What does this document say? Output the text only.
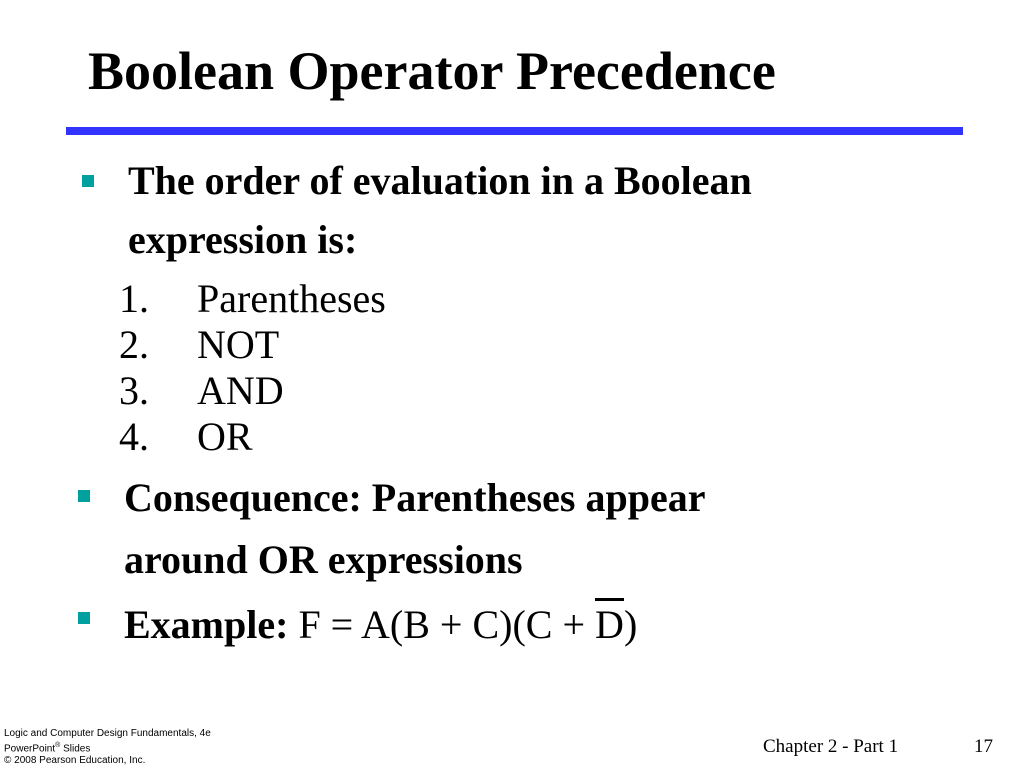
Boolean Operator Precedence
The order of evaluation in a Boolean
expression is:
1.	Parentheses
2.	NOT
3.	AND
4.	OR
Consequence: Parentheses appear
around OR expressions
Example: F = A(B + C)(C + D)
Logic and Computer Design Fundamentals, 4e
PowerPoint® Slides
© 2008 Pearson Education, Inc.
Chapter 2 - Part 1	17
